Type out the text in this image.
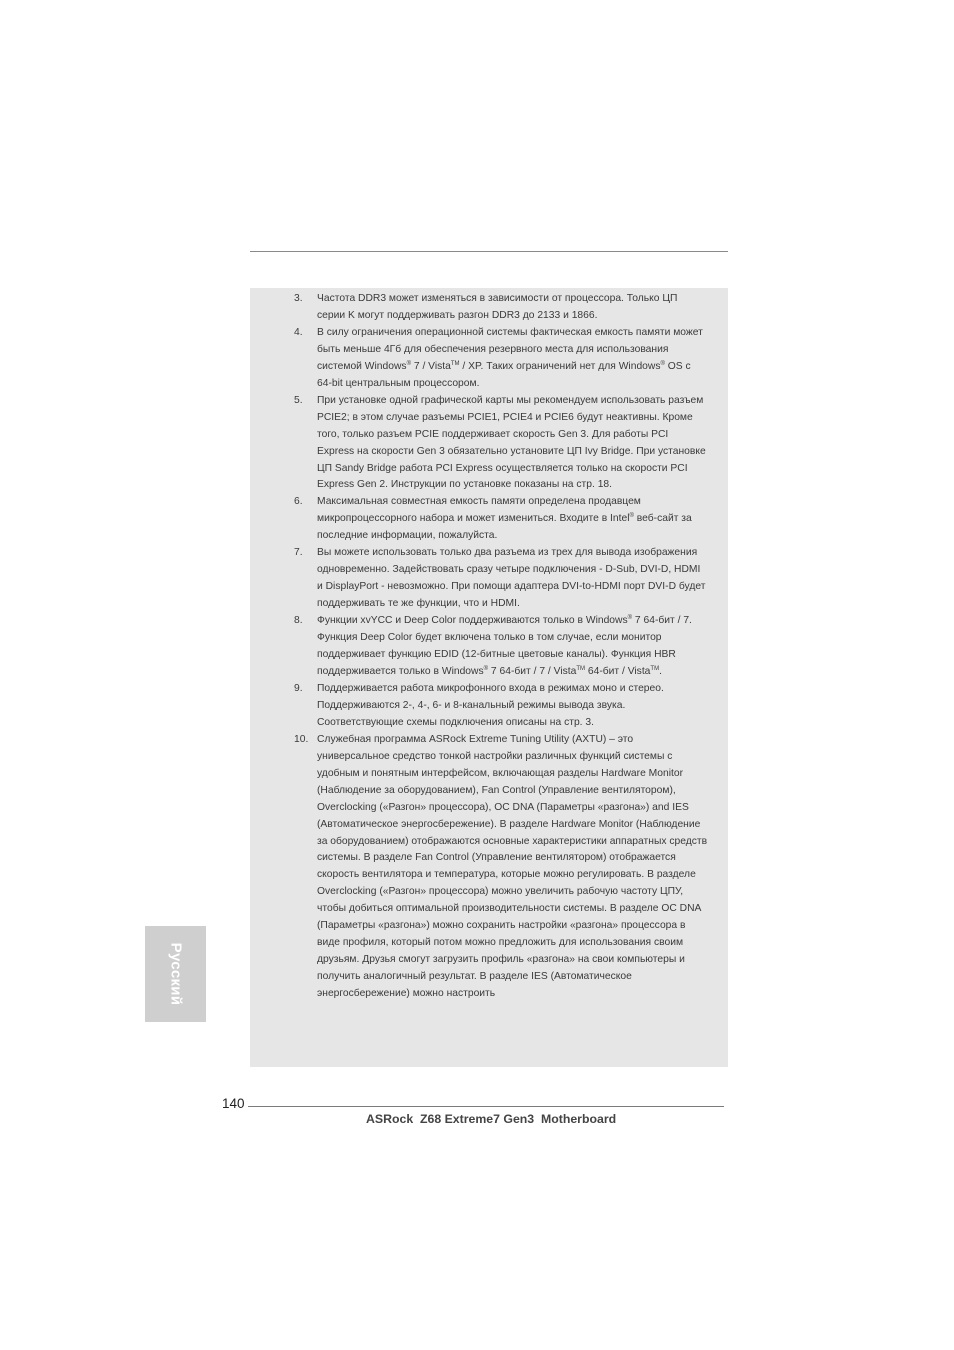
3. Частота DDR3 может изменяться в зависимости от процессора. Только ЦП серии K могут поддерживать разгон DDR3 до 2133 и 1866.
4. В силу ограничения операционной системы фактическая емкость памяти может быть меньше 4Гб для обеспечения резервного места для использования системой Windows® 7 / Vista™ / XP. Таких ограничений нет для Windows® OS с 64-bit центральным процессором.
5. При установке одной графической карты мы рекомендуем использовать разъем PCIE2; в этом случае разъемы PCIE1, PCIE4 и PCIE6 будут неактивны. Кроме того, только разъем PCIE поддерживает скорость Gen 3. Для работы PCI Express на скорости Gen 3 обязательно установите ЦП Ivy Bridge. При установке ЦП Sandy Bridge работа PCI Express осуществляется только на скорости PCI Express Gen 2. Инструкции по установке показаны на стр. 18.
6. Максимальная совместная емкость памяти определена продавцем микропроцессорного набора и может измениться. Входите в Intel® веб-сайт за последние информации, пожалуйста.
7. Вы можете использовать только два разъема из трех для вывода изображения одновременно. Задействовать сразу четыре подключения - D-Sub, DVI-D, HDMI и DisplayPort - невозможно. При помощи адаптера DVI-to-HDMI порт DVI-D будет поддерживать те же функции, что и HDMI.
8. Функции xvYCC и Deep Color поддерживаются только в Windows® 7 64-бит / 7. Функция Deep Color будет включена только в том случае, если монитор поддерживает функцию EDID (12-битные цветовые каналы). Функция HBR поддерживается только в Windows® 7 64-бит / 7 / Vista™ 64-бит / Vista™.
9. Поддерживается работа микрофонного входа в режимах моно и стерео. Поддерживаются 2-, 4-, 6- и 8-канальный режимы вывода звука. Соответствующие схемы подключения описаны на стр. 3.
10. Служебная программа ASRock Extreme Tuning Utility (AXTU) – это универсальное средство тонкой настройки различных функций системы с удобным и понятным интерфейсом, включающая разделы Hardware Monitor (Наблюдение за оборудованием), Fan Control (Управление вентилятором), Overclocking («Разгон» процессора), OC DNA (Параметры «разгона») and IES (Автоматическое энергосбережение). В разделе Hardware Monitor (Наблюдение за оборудованием) отображаются основные характеристики аппаратных средств системы. В разделе Fan Control (Управление вентилятором) отображается скорость вентилятора и температура, которые можно регулировать. В разделе Overclocking («Разгон» процессора) можно увеличить рабочую частоту ЦПУ, чтобы добиться оптимальной производительности системы. В разделе OC DNA (Параметры «разгона») можно сохранить настройки «разгона» процессора в виде профиля, который потом можно предложить для использования своим друзьям. Друзья смогут загрузить профиль «разгона» на свои компьютеры и получить аналогичный результат. В разделе IES (Автоматическое энергосбережение) можно настроить
Русский
140
ASRock  Z68 Extreme7 Gen3  Motherboard
